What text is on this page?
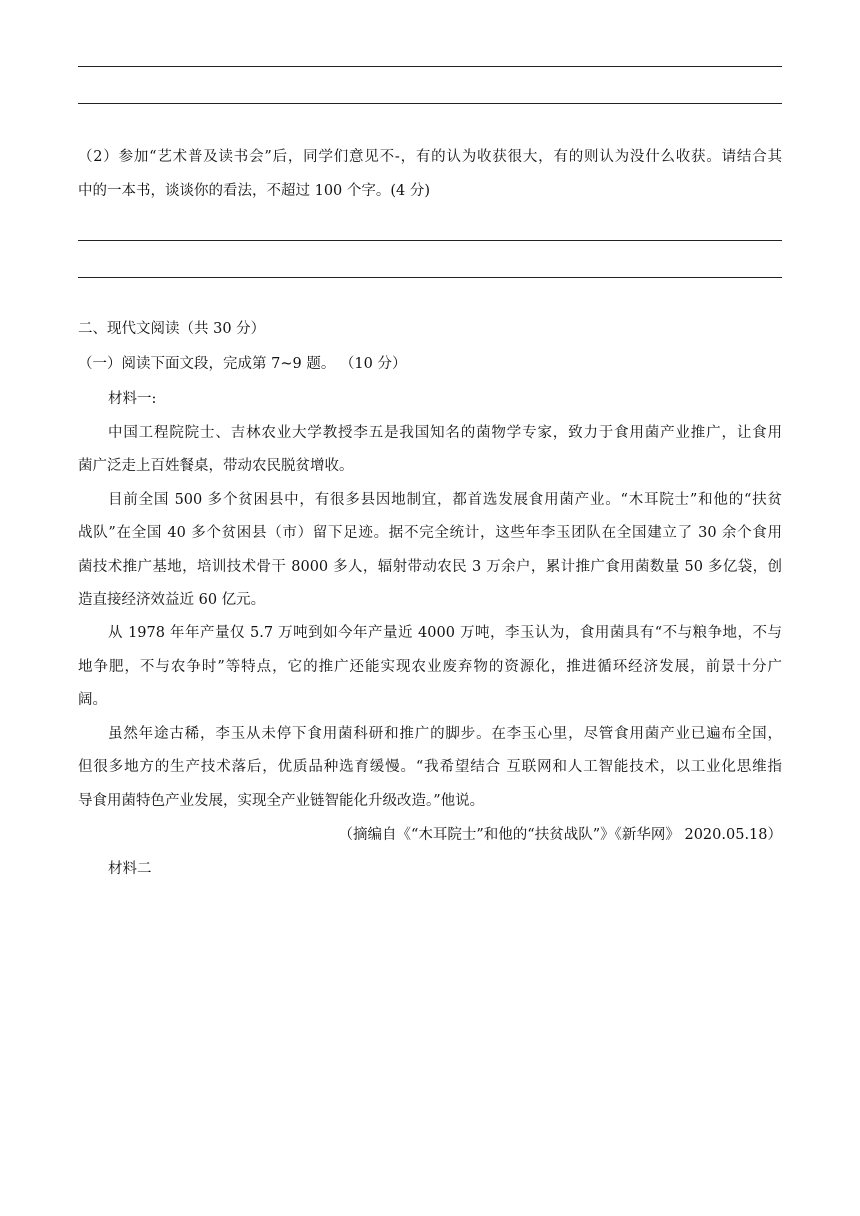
（2）参加“艺术普及读书会”后，同学们意见不-，有的认为收获很大，有的则认为没什么收获。请结合其
中的一本书，谈谈你的看法，不超过 100 个字。(4 分)
二、现代文阅读（共 30 分）
（一）阅读下面文段，完成第 7~9 题。 （10 分）
材料一:
中国工程院院士、吉林农业大学教授李五是我国知名的菌物学专家，致力于食用菌产业推广，让食用
菌广泛走上百姓餐桌，带动农民脱贫增收。
目前全国 500 多个贫困县中，有很多县因地制宜，都首选发展食用菌产业。“木耳院士”和他的“扶贫
战队”在全国 40 多个贫困县（市）留下足迹。据不完全统计，这些年李玉团队在全国建立了 30 余个食用
菌技术推广基地，培训技术骨干 8000 多人，辐射带动农民 3 万余户，累计推广食用菌数量 50 多亿袋，创
造直接经济效益近 60 亿元。
从 1978 年年产量仅 5.7 万吨到如今年产量近 4000 万吨，李玉认为，食用菌具有“不与粮争地，不与
地争肥，不与农争时”等特点，它的推广还能实现农业废弃物的资源化，推进循环经济发展，前景十分广
阔。
虽然年途古稀，李玉从未停下食用菌科研和推广的脚步。在李玉心里，尽管食用菌产业已遍布全国，
但很多地方的生产技术落后，优质品种选育缓慢。“我希望结合 互联网和人工智能技术，以工业化思维指
导食用菌特色产业发展，实现全产业链智能化升级改造。”他说。
（摘编自《“木耳院士”和他的“扶贫战队”》《新华网》 2020.05.18）
材料二
